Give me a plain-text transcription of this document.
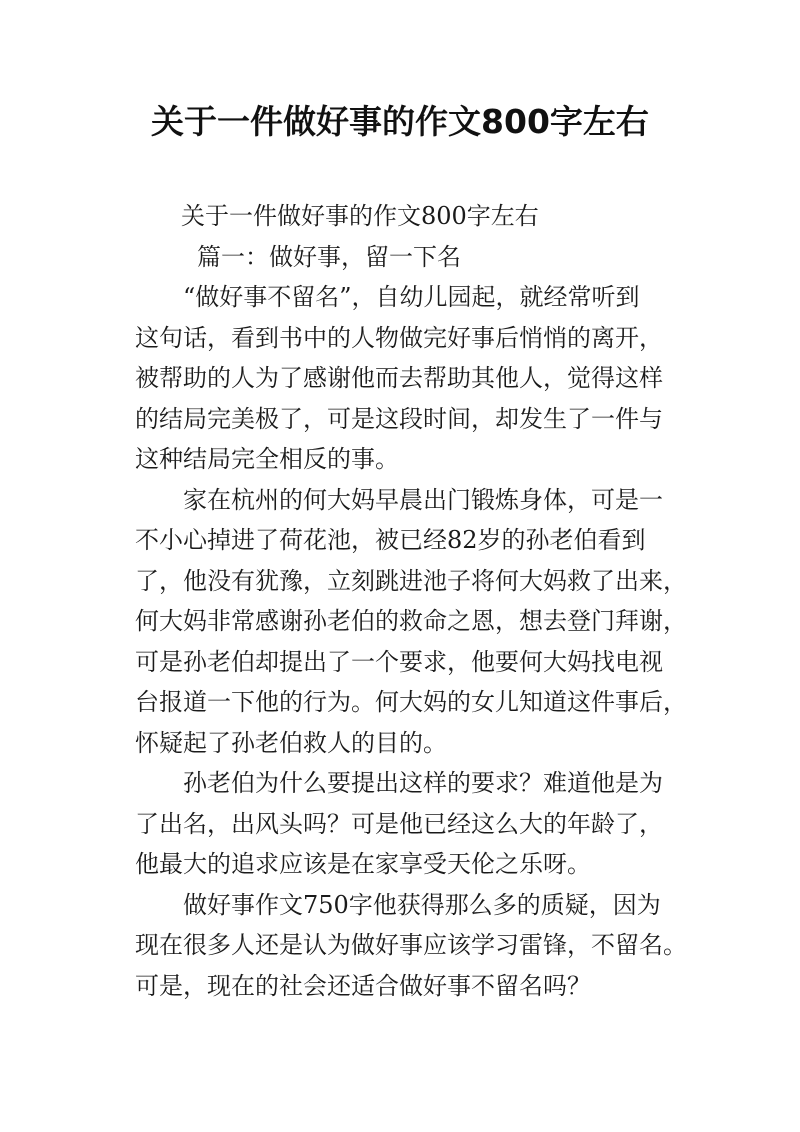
关于一件做好事的作文800字左右
关于一件做好事的作文800字左右
篇一：做好事，留一下名
“做好事不留名”，自幼儿园起，就经常听到
这句话，看到书中的人物做完好事后悄悄的离开，
被帮助的人为了感谢他而去帮助其他人，觉得这样
的结局完美极了，可是这段时间，却发生了一件与
这种结局完全相反的事。
家在杭州的何大妈早晨出门锻炼身体，可是一
不小心掉进了荷花池，被已经82岁的孙老伯看到
了，他没有犹豫，立刻跳进池子将何大妈救了出来，
何大妈非常感谢孙老伯的救命之恩，想去登门拜谢，
可是孙老伯却提出了一个要求，他要何大妈找电视
台报道一下他的行为。何大妈的女儿知道这件事后，
怀疑起了孙老伯救人的目的。
孙老伯为什么要提出这样的要求？难道他是为
了出名，出风头吗？可是他已经这么大的年龄了，
他最大的追求应该是在家享受天伦之乐呀。
做好事作文750字他获得那么多的质疑，因为
现在很多人还是认为做好事应该学习雷锋，不留名。
可是，现在的社会还适合做好事不留名吗？
